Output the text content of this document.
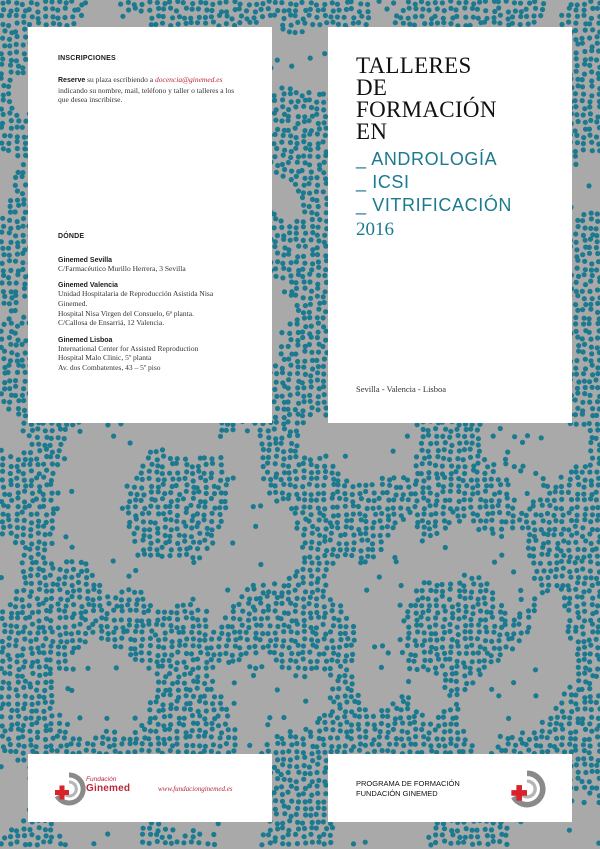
INSCRIPCIONES

Reserve su plaza escribiendo a docencia@ginemed.es
indicando su nombre, mail, teléfono y taller o talleres a los que desea inscribirse.

DÓNDE

Ginemed Sevilla

C/Farmacéutico Murillo Herrera, 3 Sevilla

Ginemed Valencia

Unidad Hospitalaria de Reproducción Asistida Nisa

Ginemed.

Hospital Nisa Virgen del Consuelo, 6ª planta.

C/Callosa de Ensarriá, 12 Valencia.

Ginemed Lisboa

International Center for Assisted Reproduction

Hospital Malo Clinic, 5º planta

Av. dos Combatentes, 43 – 5º piso

TALLERES

DE

FORMACIÓN

EN

_ ANDROLOGÍA

_ ICSI

_ VITRIFICACIÓN

2016

Sevilla - Valencia - Lisboa

Fundación
Ginemed	www.fundacionginemed.es
PROGRAMA DE FORMACIÓN
FUNDACIÓN GINEMED
